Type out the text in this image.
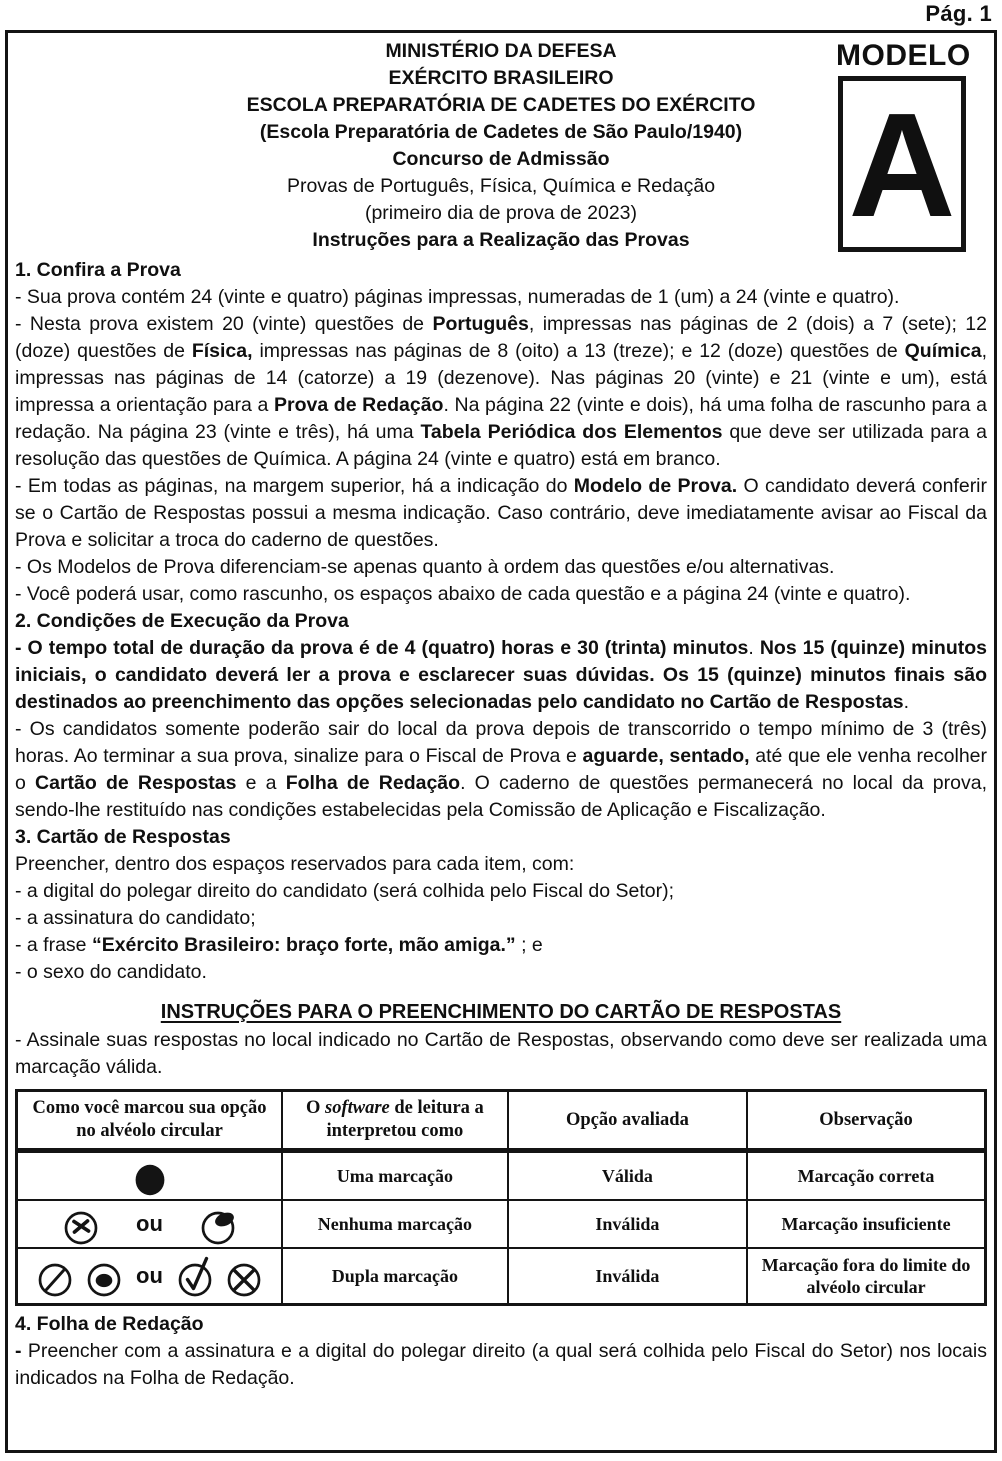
Pág. 1
MINISTÉRIO DA DEFESA
EXÉRCITO BRASILEIRO
ESCOLA PREPARATÓRIA DE CADETES DO EXÉRCITO
(Escola Preparatória de Cadetes de São Paulo/1940)
Concurso de Admissão
Provas de Português, Física, Química e Redação
(primeiro dia de prova de 2023)
Instruções para a Realização das Provas
1. Confira a Prova
- Sua prova contém 24 (vinte e quatro) páginas impressas, numeradas de 1 (um) a 24 (vinte e quatro).
- Nesta prova existem 20 (vinte) questões de Português, impressas nas páginas de 2 (dois) a 7 (sete); 12 (doze) questões de Física, impressas nas páginas de 8 (oito) a 13 (treze); e 12 (doze) questões de Química, impressas nas páginas de 14 (catorze) a 19 (dezenove). Nas páginas 20 (vinte) e 21 (vinte e um), está impressa a orientação para a Prova de Redação. Na página 22 (vinte e dois), há uma folha de rascunho para a redação. Na página 23 (vinte e três), há uma Tabela Periódica dos Elementos que deve ser utilizada para a resolução das questões de Química. A página 24 (vinte e quatro) está em branco.
- Em todas as páginas, na margem superior, há a indicação do Modelo de Prova. O candidato deverá conferir se o Cartão de Respostas possui a mesma indicação. Caso contrário, deve imediatamente avisar ao Fiscal da Prova e solicitar a troca do caderno de questões.
- Os Modelos de Prova diferenciam-se apenas quanto à ordem das questões e/ou alternativas.
- Você poderá usar, como rascunho, os espaços abaixo de cada questão e a página 24 (vinte e quatro).
2. Condições de Execução da Prova
- O tempo total de duração da prova é de 4 (quatro) horas e 30 (trinta) minutos. Nos 15 (quinze) minutos iniciais, o candidato deverá ler a prova e esclarecer suas dúvidas. Os 15 (quinze) minutos finais são destinados ao preenchimento das opções selecionadas pelo candidato no Cartão de Respostas.
- Os candidatos somente poderão sair do local da prova depois de transcorrido o tempo mínimo de 3 (três) horas. Ao terminar a sua prova, sinalize para o Fiscal de Prova e aguarde, sentado, até que ele venha recolher o Cartão de Respostas e a Folha de Redação. O caderno de questões permanecerá no local da prova, sendo-lhe restituído nas condições estabelecidas pela Comissão de Aplicação e Fiscalização.
3. Cartão de Respostas
Preencher, dentro dos espaços reservados para cada item, com:
- a digital do polegar direito do candidato (será colhida pelo Fiscal do Setor);
- a assinatura do candidato;
- a frase “Exército Brasileiro: braço forte, mão amiga.” ; e
- o sexo do candidato.
INSTRUÇÕES PARA O PREENCHIMENTO DO CARTÃO DE RESPOSTAS
- Assinale suas respostas no local indicado no Cartão de Respostas, observando como deve ser realizada uma marcação válida.
Como você marcou sua opção no alvéolo circular	O software de leitura a interpretou como	Opção avaliada	Observação

	Uma marcação	Válida	Marcação correta

ou	Nenhuma marcação	Inválida	Marcação insuficiente

ou	Dupla marcação	Inválida	Marcação fora do limite do alvéolo circular
4. Folha de Redação
- Preencher com a assinatura e a digital do polegar direito (a qual será colhida pelo Fiscal do Setor) nos locais indicados na Folha de Redação.
MODELO
A
